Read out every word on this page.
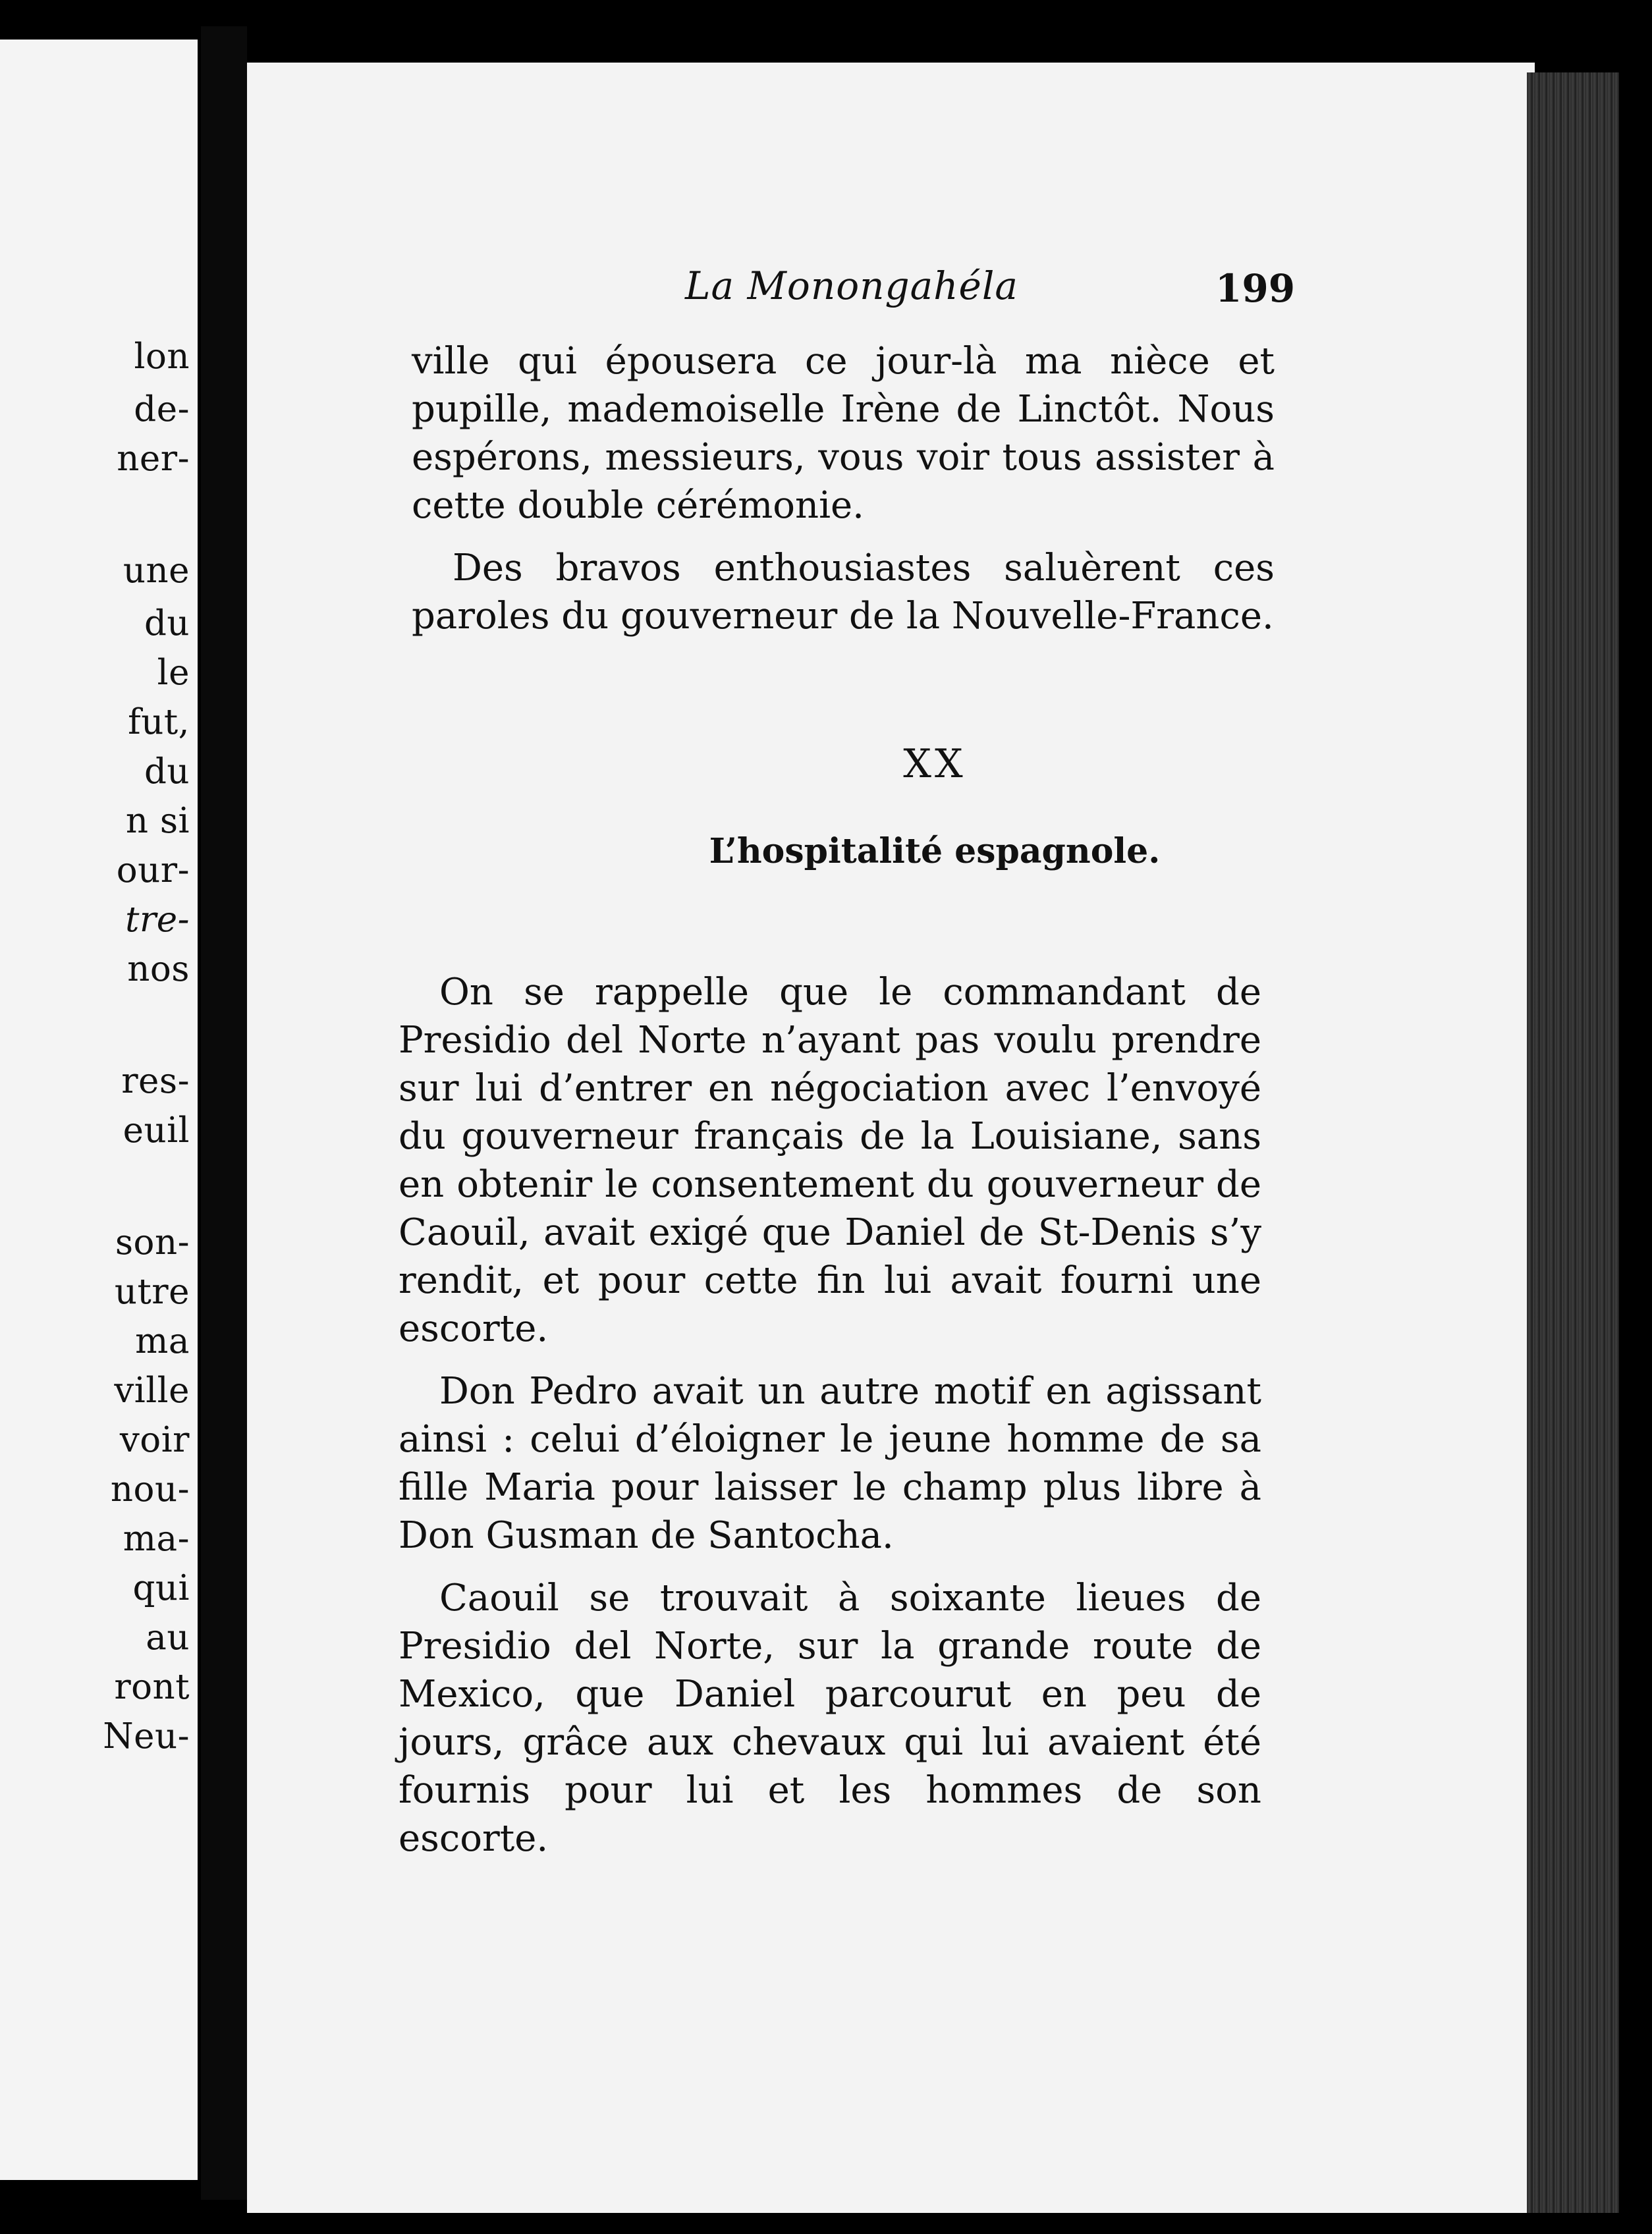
lon
de-
ner-
une
du
le
fut,
du
n si
our-
tre-
nos
res-
euil
son-
utre
ma
ville
voir
nou-
ma-
qui
au
ront
Neu-
La Monongahéla	199

ville qui épousera ce jour-là ma nièce et pupille, mademoiselle Irène de Linctôt. Nous espérons, messieurs, vous voir tous assister à cette double cérémonie.

Des bravos enthousiastes saluèrent ces paroles du gouverneur de la Nouvelle-France.

XX
L’hospitalité espagnole.

On se rappelle que le commandant de Presidio del Norte n’ayant pas voulu prendre sur lui d’entrer en négociation avec l’envoyé du gouverneur français de la Louisiane, sans en obtenir le consentement du gouverneur de Caouil, avait exigé que Daniel de St-Denis s’y rendit, et pour cette fin lui avait fourni une escorte.

Don Pedro avait un autre motif en agissant ainsi : celui d’éloigner le jeune homme de sa fille Maria pour laisser le champ plus libre à Don Gusman de Santocha.

Caouil se trouvait à soixante lieues de Presidio del Norte, sur la grande route de Mexico, que Daniel parcourut en peu de jours, grâce aux chevaux qui lui avaient été fournis pour lui et les hommes de son escorte.
